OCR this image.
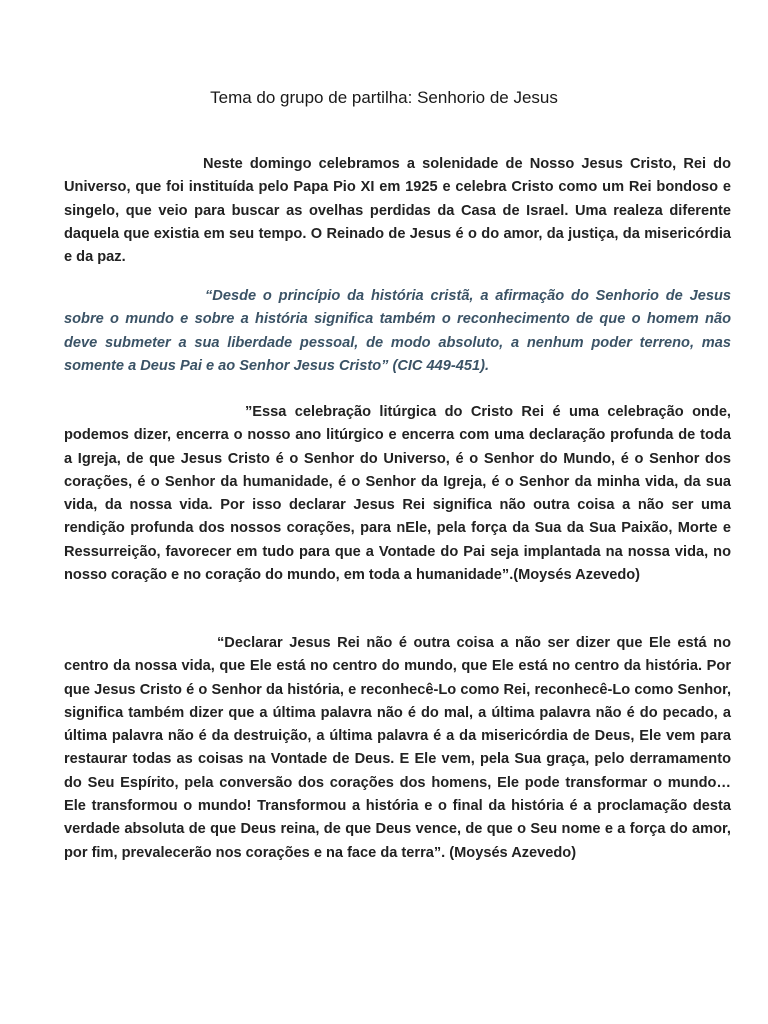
Tema do grupo de partilha: Senhorio de Jesus

Neste domingo celebramos a solenidade de Nosso Jesus Cristo, Rei do Universo, que foi instituída pelo Papa Pio XI em 1925 e celebra Cristo como um Rei bondoso e singelo, que veio para buscar as ovelhas perdidas da Casa de Israel. Uma realeza diferente daquela que existia em seu tempo. O Reinado de Jesus é o do amor, da justiça, da misericórdia e da paz.

“Desde o princípio da história cristã, a afirmação do Senhorio de Jesus sobre o mundo e sobre a história significa também o reconhecimento de que o homem não deve submeter a sua liberdade pessoal, de modo absoluto, a nenhum poder terreno, mas somente a Deus Pai e ao Senhor Jesus Cristo” (CIC 449-451).

”Essa celebração litúrgica do Cristo Rei é uma celebração onde, podemos dizer, encerra o nosso ano litúrgico e encerra com uma declaração profunda de toda a Igreja, de que Jesus Cristo é o Senhor do Universo, é o Senhor do Mundo, é o Senhor dos corações, é o Senhor da humanidade, é o Senhor da Igreja, é o Senhor da minha vida, da sua vida, da nossa vida. Por isso declarar Jesus Rei significa não outra coisa a não ser uma rendição profunda dos nossos corações, para nEle, pela força da Sua da Sua Paixão, Morte e Ressurreição, favorecer em tudo para que a Vontade do Pai seja implantada na nossa vida, no nosso coração e no coração do mundo, em toda a humanidade”.(Moysés Azevedo)

“Declarar Jesus Rei não é outra coisa a não ser dizer que Ele está no centro da nossa vida, que Ele está no centro do mundo, que Ele está no centro da história. Por que Jesus Cristo é o Senhor da história, e reconhecê-Lo como Rei, reconhecê-Lo como Senhor, significa também dizer que a última palavra não é do mal, a última palavra não é do pecado, a última palavra não é da destruição, a última palavra é a da misericórdia de Deus, Ele vem para restaurar todas as coisas na Vontade de Deus. E Ele vem, pela Sua graça, pelo derramamento do Seu Espírito, pela conversão dos corações dos homens, Ele pode transformar o mundo… Ele transformou o mundo! Transformou a história e o final da história é a proclamação desta verdade absoluta de que Deus reina, de que Deus vence, de que o Seu nome e a força do amor, por fim, prevalecerão nos corações e na face da terra”. (Moysés Azevedo)
